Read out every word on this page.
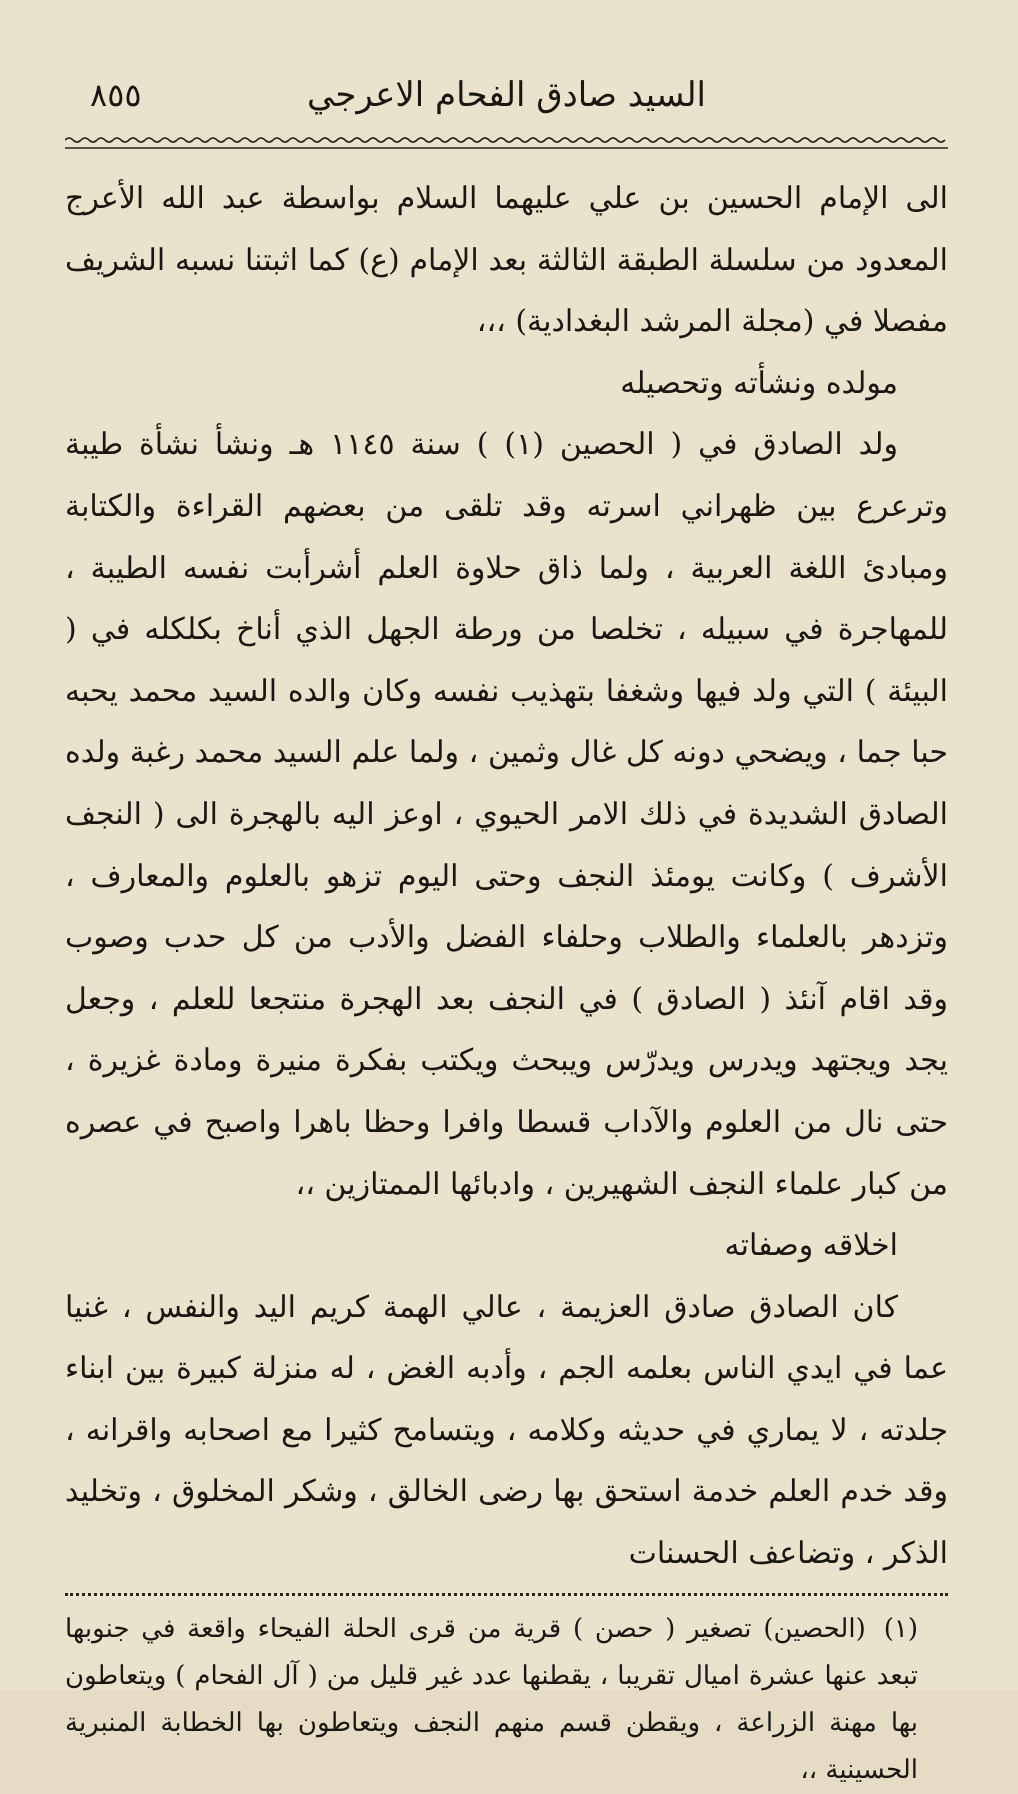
السيد صادق الفحام الاعرجي
٨٥٥

الى الإمام الحسين بن علي عليهما السلام بواسطة عبد الله الأعرج المعدود من سلسلة الطبقة الثالثة بعد الإمام (ع) كما اثبتنا نسبه الشريف مفصلا في (مجلة المرشد البغدادية) ،،،

مولده ونشأته وتحصيله

ولد الصادق في ( الحصين (١) ) سنة ١١٤٥ هـ ونشأ نشأة طيبة وترعرع بين ظهراني اسرته وقد تلقى من بعضهم القراءة والكتابة ومبادئ اللغة العربية ، ولما ذاق حلاوة العلم أشرأبت نفسه الطيبة ، للمهاجرة في سبيله ، تخلصا من ورطة الجهل الذي أناخ بكلكله في ( البيئة ) التي ولد فيها وشغفا بتهذيب نفسه وكان والده السيد محمد يحبه حبا جما ، ويضحي دونه كل غال وثمين ، ولما علم السيد محمد رغبة ولده الصادق الشديدة في ذلك الامر الحيوي ، اوعز اليه بالهجرة الى ( النجف الأشرف ) وكانت يومئذ النجف وحتى اليوم تزهو بالعلوم والمعارف ، وتزدهر بالعلماء والطلاب وحلفاء الفضل والأدب من كل حدب وصوب وقد اقام آنئذ ( الصادق ) في النجف بعد الهجرة منتجعا للعلم ، وجعل يجد ويجتهد ويدرس ويدرّس ويبحث ويكتب بفكرة منيرة ومادة غزيرة ، حتى نال من العلوم والآداب قسطا وافرا وحظا باهرا واصبح في عصره من كبار علماء النجف الشهيرين ، وادبائها الممتازين ،،

اخلاقه وصفاته

كان الصادق صادق العزيمة ، عالي الهمة كريم اليد والنفس ، غنيا عما في ايدي الناس بعلمه الجم ، وأدبه الغض ، له منزلة كبيرة بين ابناء جلدته ، لا يماري في حديثه وكلامه ، ويتسامح كثيرا مع اصحابه واقرانه ، وقد خدم العلم خدمة استحق بها رضى الخالق ، وشكر المخلوق ، وتخليد الذكر ، وتضاعف الحسنات

(١)(الحصين) تصغير ( حصن ) قرية من قرى الحلة الفيحاء واقعة في جنوبها تبعد عنها عشرة اميال تقريبا ، يقطنها عدد غير قليل من ( آل الفحام ) ويتعاطون بها مهنة الزراعة ، ويقطن قسم منهم النجف ويتعاطون بها الخطابة المنبرية الحسينية ،،
